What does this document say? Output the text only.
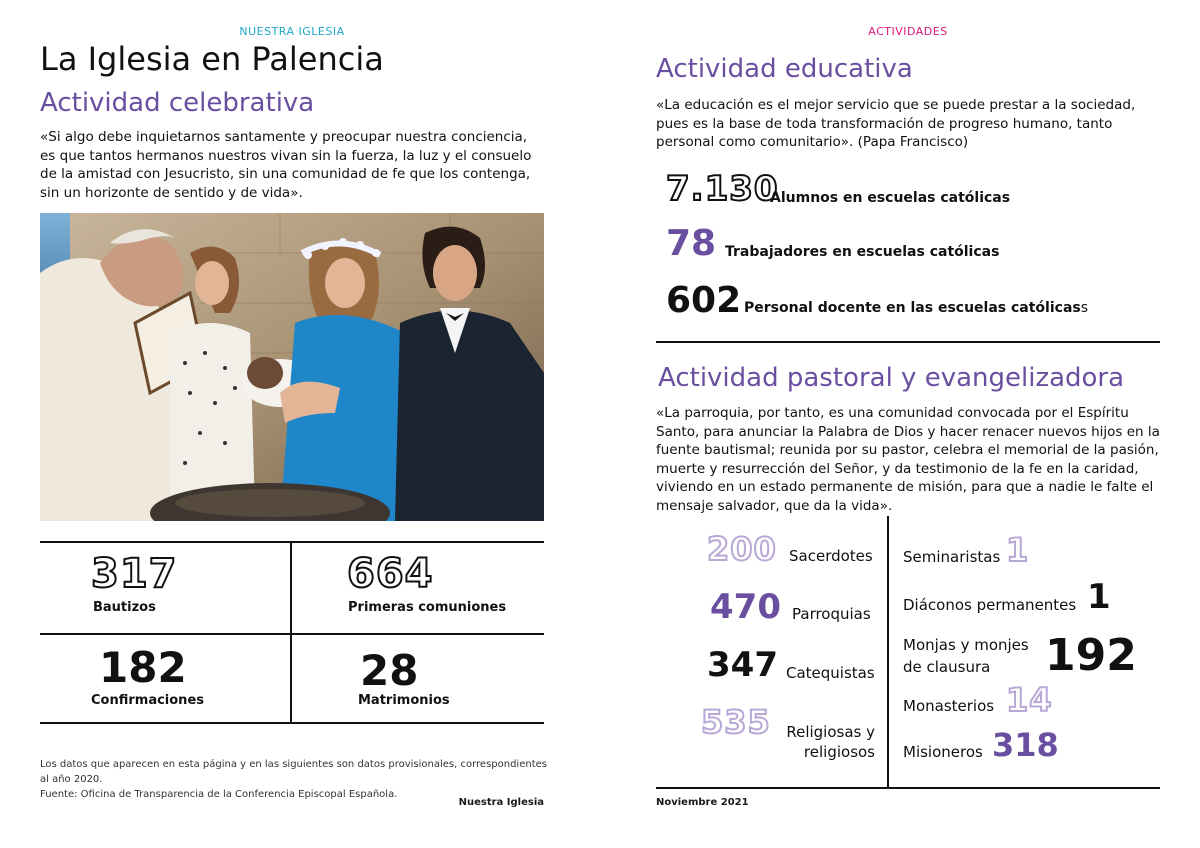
NUESTRA IGLESIA
La Iglesia en Palencia
Actividad celebrativa

«Si algo debe inquietarnos santamente y preocupar nuestra conciencia, es que tantos hermanos nuestros vivan sin la fuerza, la luz y el consuelo de la amistad con Jesucristo, sin una comunidad de fe que los contenga, sin un horizonte de sentido y de vida».

317
Bautizos
664
Primeras comuniones
182
Confirmaciones
28
Matrimonios
Los datos que aparecen en esta página y en las siguientes son datos provisionales, correspondientes al año 2020.
Fuente: Oficina de Transparencia de la Conferencia Episcopal Española.
Nuestra Iglesia
ACTIVIDADES
Actividad educativa

«La educación es el mejor servicio que se puede prestar a la sociedad, pues es la base de toda transformación de progreso humano, tanto personal como comunitario». (Papa Francisco)

7.130
Alumnos en escuelas católicas
78 Trabajadores en escuelas católicas
602 Personal docente en las escuelas católicass
Actividad pastoral y evangelizadora

«La parroquia, por tanto, es una comunidad convocada por el Espíritu Santo, para anunciar la Palabra de Dios y hacer renacer nuevos hijos en la fuente bautismal; reunida por su pastor, celebra el memorial de la pasión, muerte y resurrección del Señor, y da testimonio de la fe en la caridad, viviendo en un estado permanente de misión, para que a nadie le falte el mensaje salvador, que da la vida».

200 Sacerdotes
470 Parroquias
347 Catequistas
535	Religiosas y
religiosos
Seminaristas 1
Diáconos permanentes 1
Monjas y monjes
de clausura	192
Monasterios 14
Misioneros 318
Noviembre 2021
